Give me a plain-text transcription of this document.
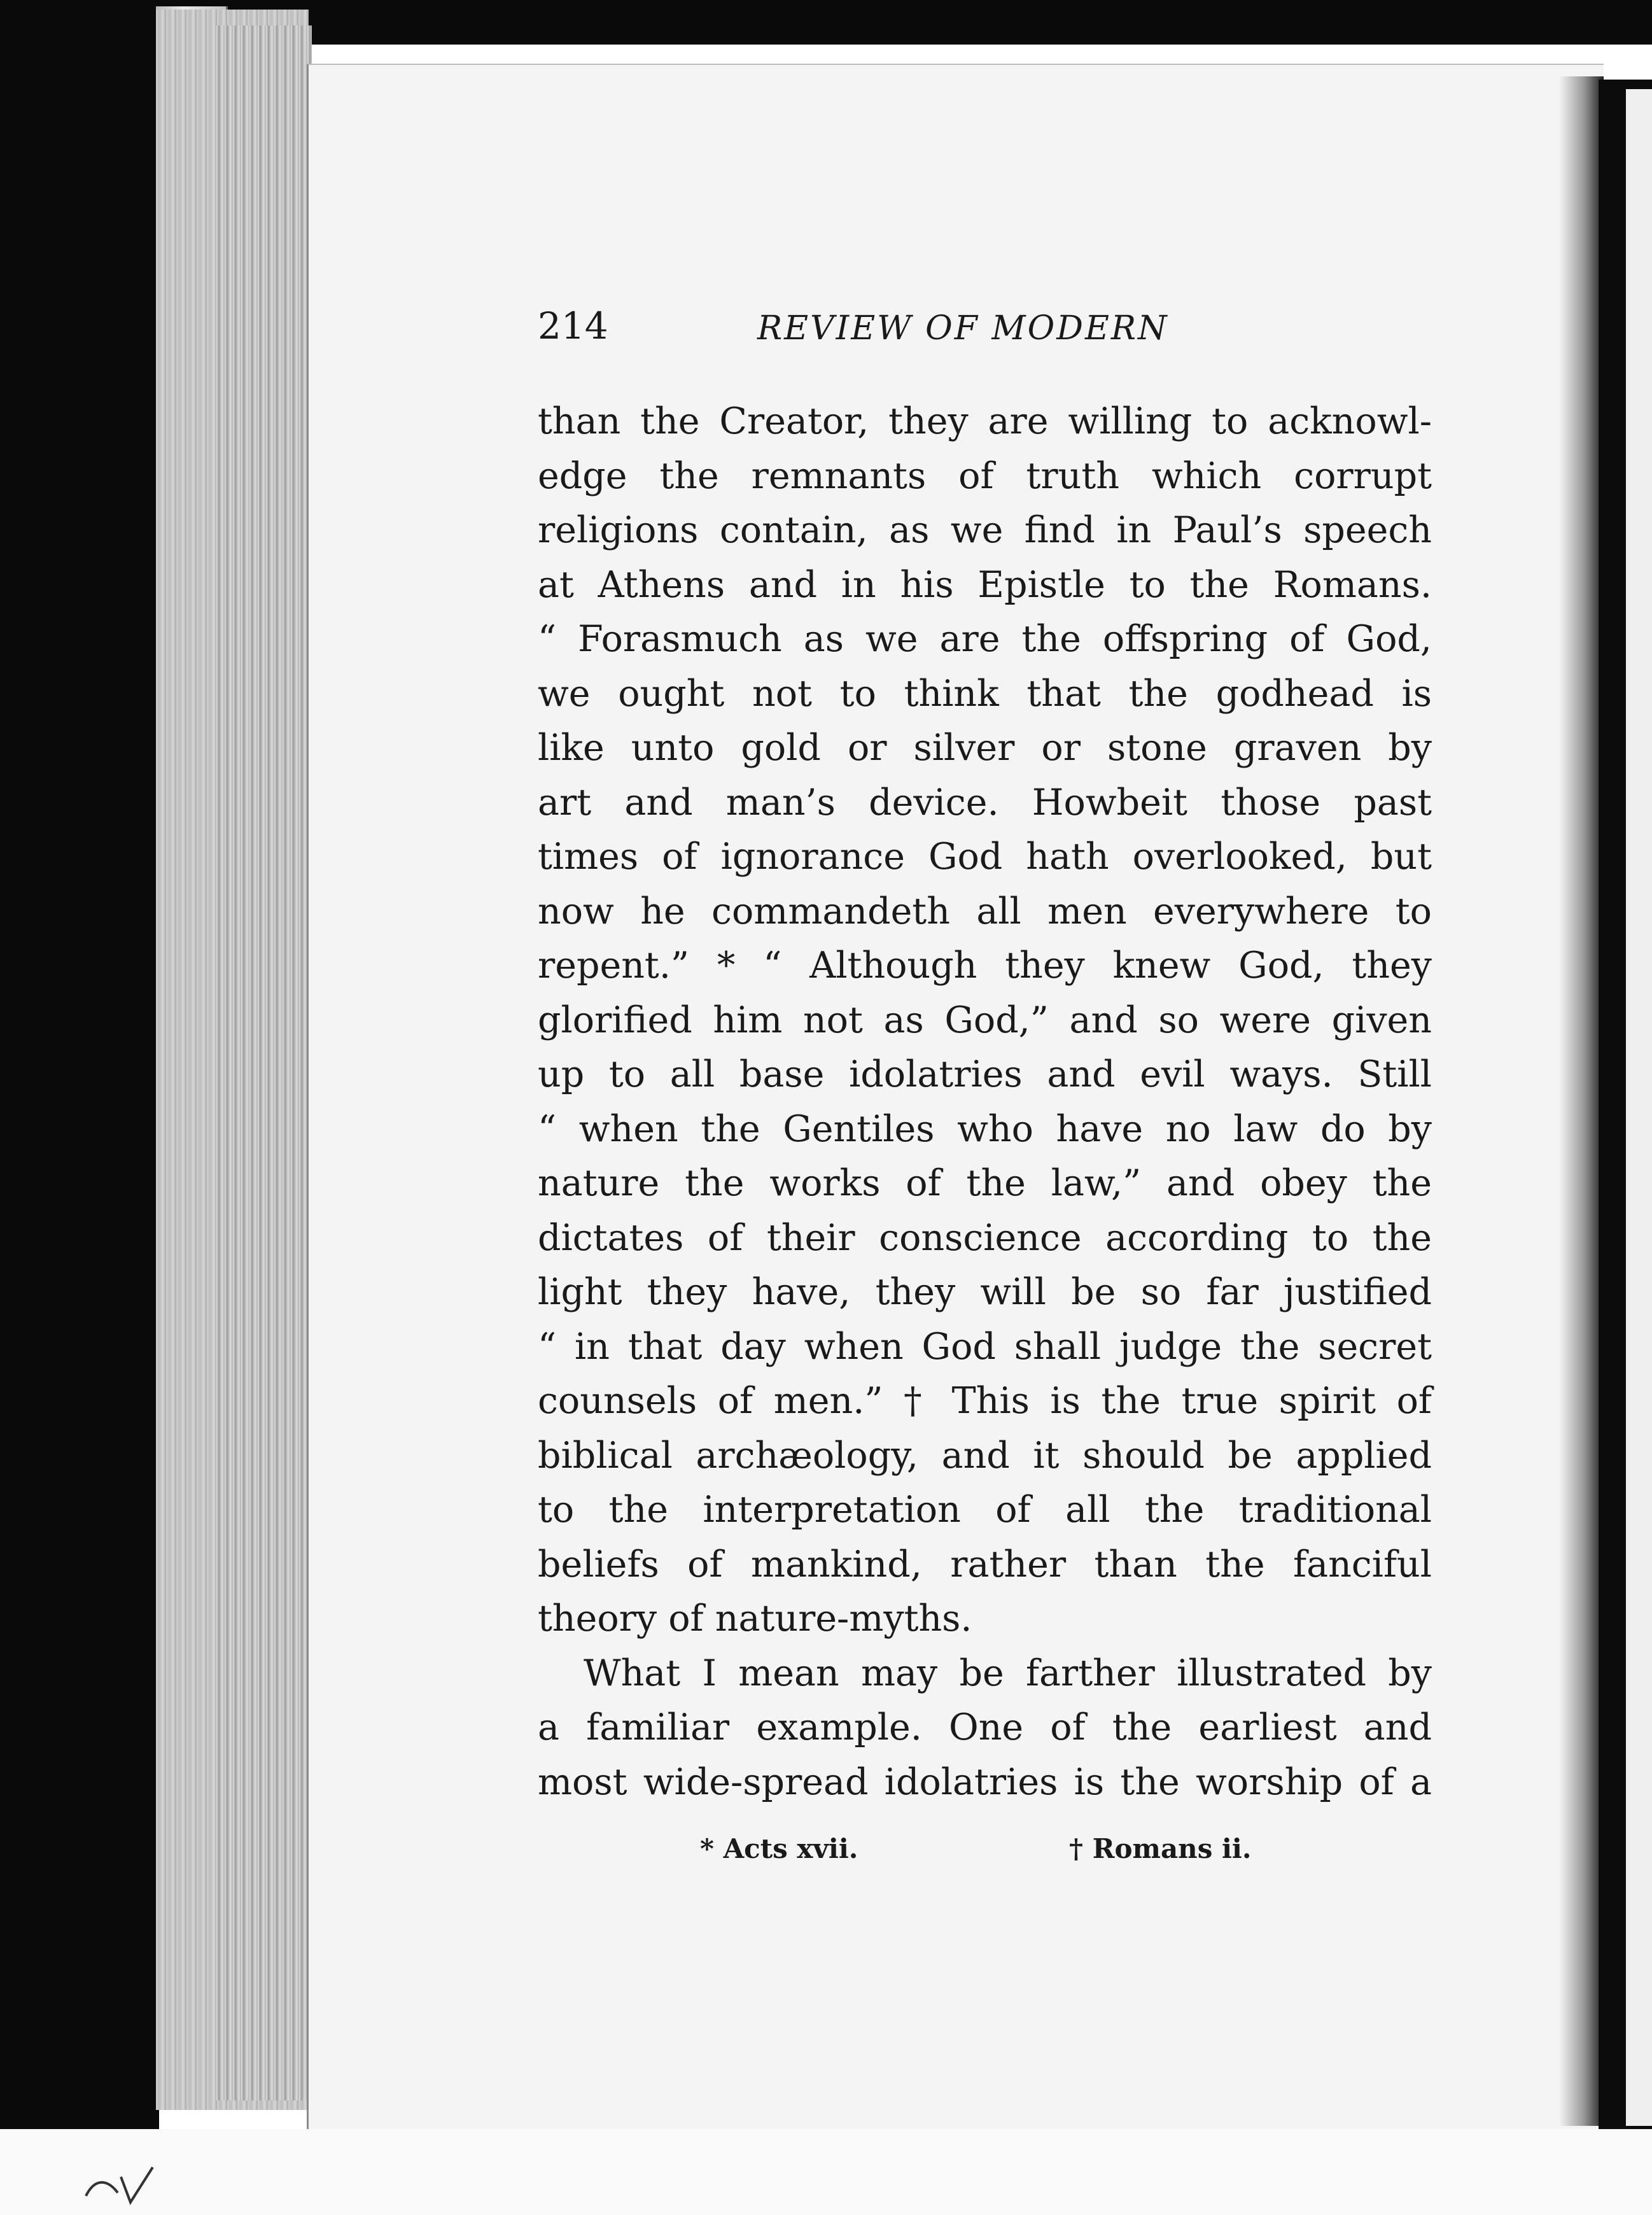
214	REVIEW OF MODERN
than the Creator, they are willing to acknowl-
edge the remnants of truth which corrupt
religions contain, as we find in Paul’s speech
at Athens and in his Epistle to the Romans.
“ Forasmuch as we are the offspring of God,
we ought not to think that the godhead is
like unto gold or silver or stone graven by
art and man’s device. Howbeit those past
times of ignorance God hath overlooked, but
now he commandeth all men everywhere to
repent.” * “ Although they knew God, they
glorified him not as God,” and so were given
up to all base idolatries and evil ways. Still
“ when the Gentiles who have no law do by
nature the works of the law,” and obey the
dictates of their conscience according to the
light they have, they will be so far justified
“ in that day when God shall judge the secret
counsels of men.” † This is the true spirit of
biblical archæology, and it should be applied
to the interpretation of all the traditional
beliefs of mankind, rather than the fanciful
theory of nature-myths.
What I mean may be farther illustrated by
a familiar example. One of the earliest and
most wide-spread idolatries is the worship of a
* Acts xvii.	† Romans ii.
